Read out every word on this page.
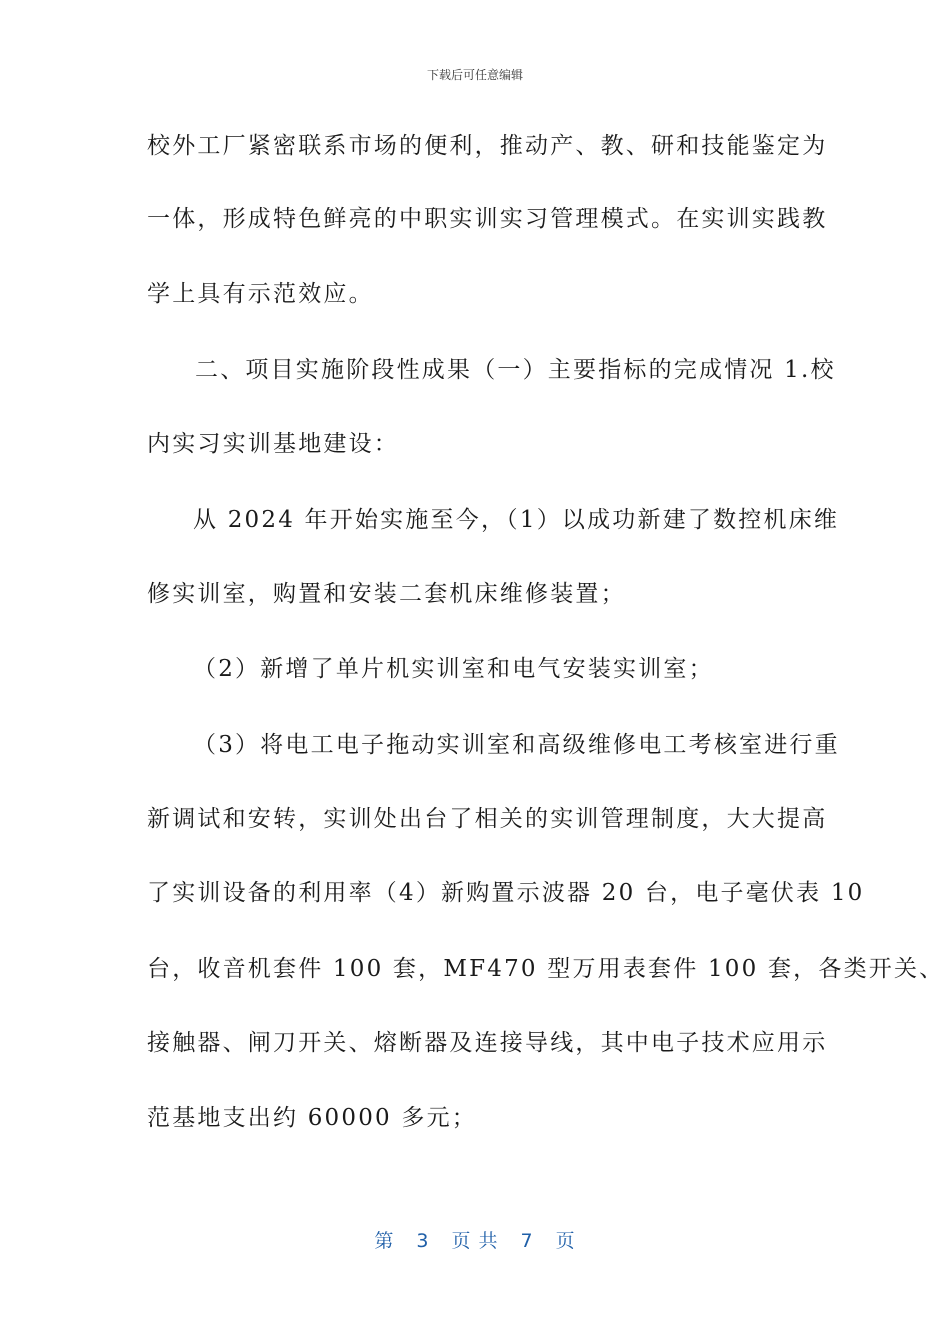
下载后可任意编辑
校外工厂紧密联系市场的便利，推动产、教、研和技能鉴定为
一体，形成特色鲜亮的中职实训实习管理模式。在实训实践教
学上具有示范效应。
二、项目实施阶段性成果（一）主要指标的完成情况 1.校
内实习实训基地建设：
从 2024 年开始实施至今，（1）以成功新建了数控机床维
修实训室，购置和安装二套机床维修装置；
（2）新增了单片机实训室和电气安装实训室；
（3）将电工电子拖动实训室和高级维修电工考核室进行重
新调试和安转，实训处出台了相关的实训管理制度，大大提高
了实训设备的利用率（4）新购置示波器 20 台，电子毫伏表 10
台，收音机套件 100 套，MF470 型万用表套件 100 套，各类开关、
接触器、闸刀开关、熔断器及连接导线，其中电子技术应用示
范基地支出约 60000 多元；
第 3 页 共 7 页
